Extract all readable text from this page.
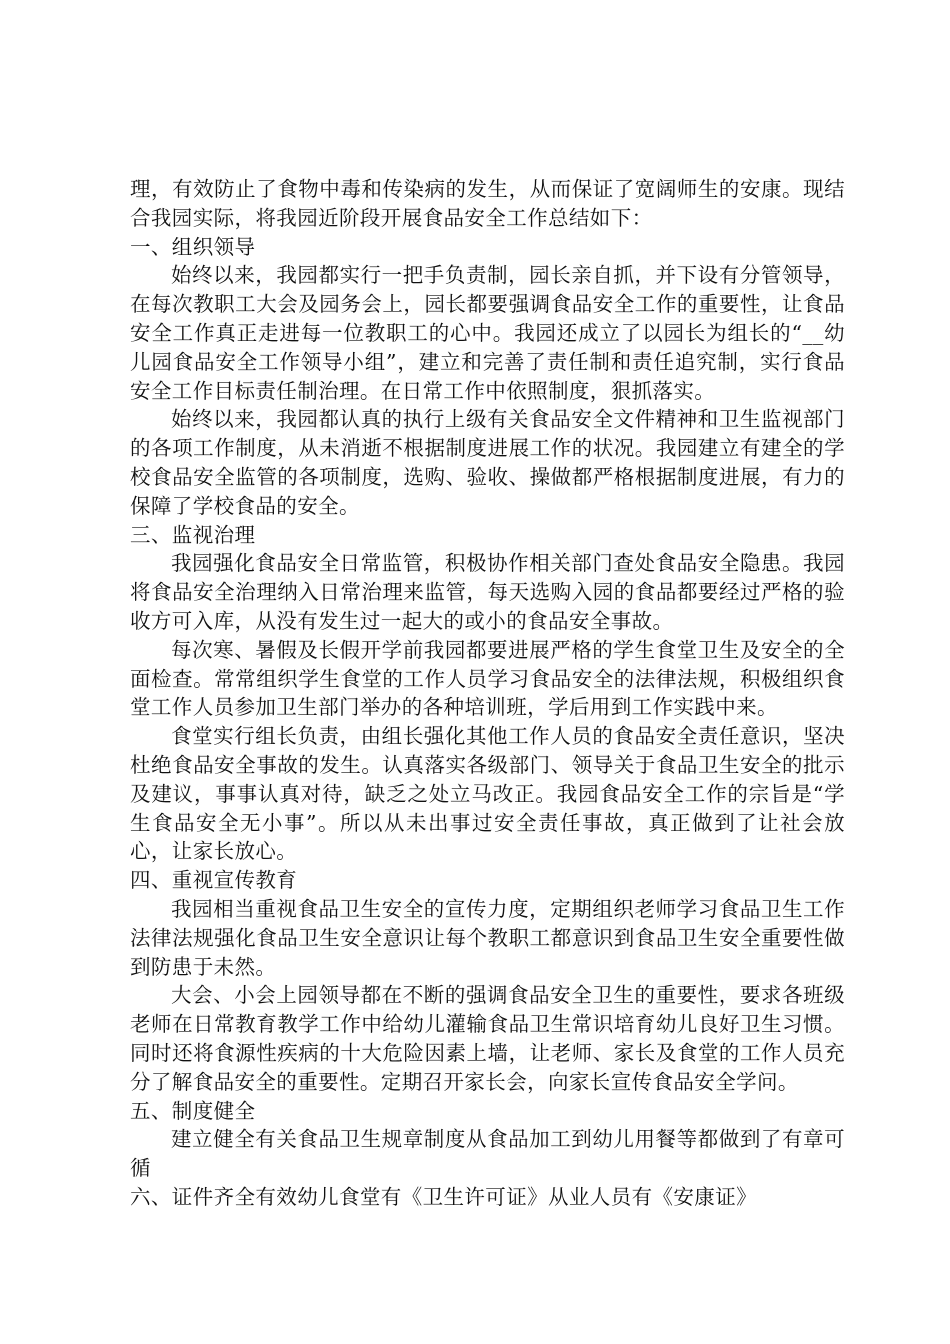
理，有效防止了食物中毒和传染病的发生，从而保证了宽阔师生的安康。现结合我园实际，将我园近阶段开展食品安全工作总结如下：

一、组织领导

始终以来，我园都实行一把手负责制，园长亲自抓，并下设有分管领导，在每次教职工大会及园务会上，园长都要强调食品安全工作的重要性，让食品安全工作真正走进每一位教职工的心中。我园还成立了以园长为组长的“__幼儿园食品安全工作领导小组”，建立和完善了责任制和责任追究制，实行食品安全工作目标责任制治理。在日常工作中依照制度，狠抓落实。

始终以来，我园都认真的执行上级有关食品安全文件精神和卫生监视部门的各项工作制度，从未消逝不根据制度进展工作的状况。我园建立有建全的学校食品安全监管的各项制度，选购、验收、操做都严格根据制度进展，有力的保障了学校食品的安全。

三、监视治理

我园强化食品安全日常监管，积极协作相关部门查处食品安全隐患。我园将食品安全治理纳入日常治理来监管，每天选购入园的食品都要经过严格的验收方可入库，从没有发生过一起大的或小的食品安全事故。

每次寒、暑假及长假开学前我园都要进展严格的学生食堂卫生及安全的全面检查。常常组织学生食堂的工作人员学习食品安全的法律法规，积极组织食堂工作人员参加卫生部门举办的各种培训班，学后用到工作实践中来。

食堂实行组长负责，由组长强化其他工作人员的食品安全责任意识，坚决杜绝食品安全事故的发生。认真落实各级部门、领导关于食品卫生安全的批示及建议，事事认真对待，缺乏之处立马改正。我园食品安全工作的宗旨是“学生食品安全无小事”。所以从未出事过安全责任事故，真正做到了让社会放心，让家长放心。

四、重视宣传教育

我园相当重视食品卫生安全的宣传力度，定期组织老师学习食品卫生工作法律法规强化食品卫生安全意识让每个教职工都意识到食品卫生安全重要性做到防患于未然。

大会、小会上园领导都在不断的强调食品安全卫生的重要性，要求各班级老师在日常教育教学工作中给幼儿灌输食品卫生常识培育幼儿良好卫生习惯。同时还将食源性疾病的十大危险因素上墙，让老师、家长及食堂的工作人员充分了解食品安全的重要性。定期召开家长会，向家长宣传食品安全学问。

五、制度健全

建立健全有关食品卫生规章制度从食品加工到幼儿用餐等都做到了有章可循

六、证件齐全有效幼儿食堂有《卫生许可证》从业人员有《安康证》
